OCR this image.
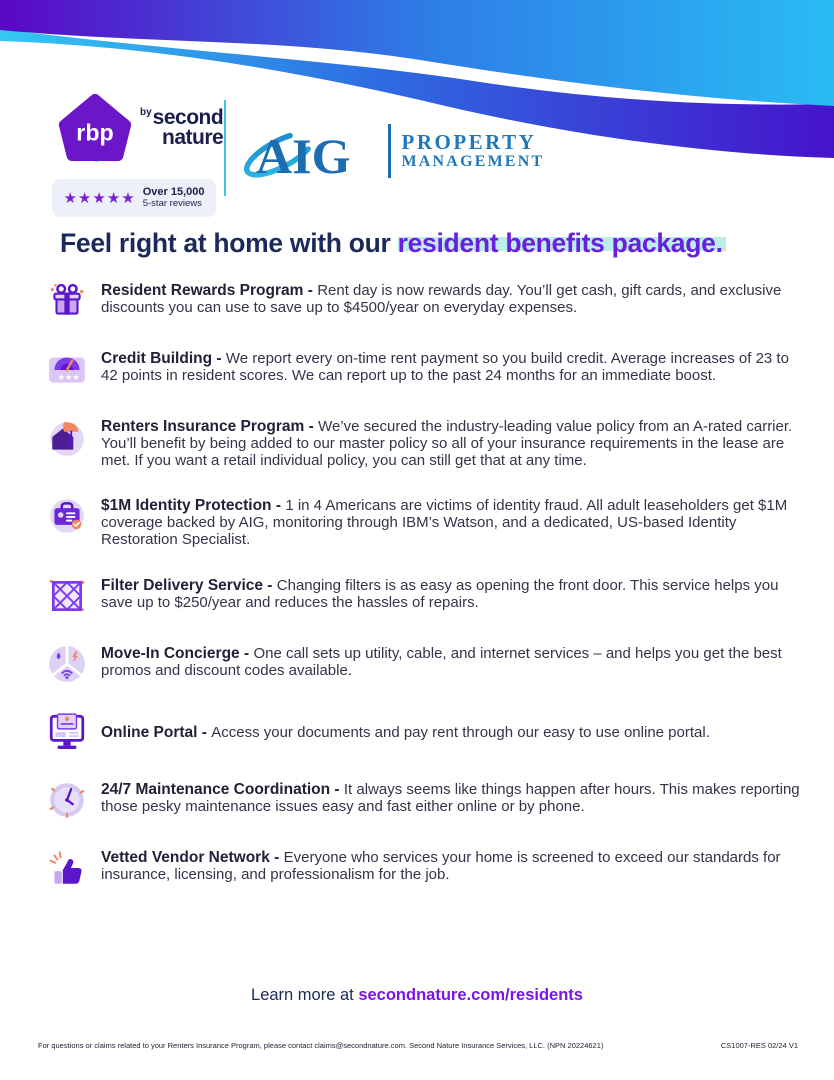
rbp
$^{by}$second
nature
★★★★★ Over 15,000
5-star reviews
AIG PROPERTY
MANAGEMENT
Feel right at home with our resident benefits package.

Resident Rewards Program - Rent day is now rewards day. You’ll get cash, gift cards, and exclusive discounts you can use to save up to $4500/year on everyday expenses.

★ ★ ★

Credit Building - We report every on-time rent payment so you build credit. Average increases of 23 to 42 points in resident scores. We can report up to the past 24 months for an immediate boost.

Renters Insurance Program - We’ve secured the industry-leading value policy from an A-rated carrier. You’ll benefit by being added to our master policy so all of your insurance requirements in the lease are met. If you want a retail individual policy, you can still get that at any time.

$1M Identity Protection - 1 in 4 Americans are victims of identity fraud. All adult leaseholders get $1M coverage backed by AIG, monitoring through IBM’s Watson, and a dedicated, US-based Identity Restoration Specialist.

Filter Delivery Service - Changing filters is as easy as opening the front door. This service helps you save up to $250/year and reduces the hassles of repairs.

Move-In Concierge - One call sets up utility, cable, and internet services – and helps you get the best promos and discount codes available.

Online Portal - Access your documents and pay rent through our easy to use online portal.

24/7 Maintenance Coordination - It always seems like things happen after hours. This makes reporting those pesky maintenance issues easy and fast either online or by phone.

Vetted Vendor Network - Everyone who services your home is screened to exceed our standards for insurance, licensing, and professionalism for the job.

Learn more at secondnature.com/residents
For questions or claims related to your Renters Insurance Program, please contact claims@secondnature.com. Second Nature Insurance Services, LLC. (NPN 20224621)	CS1007-RES 02/24 V1
